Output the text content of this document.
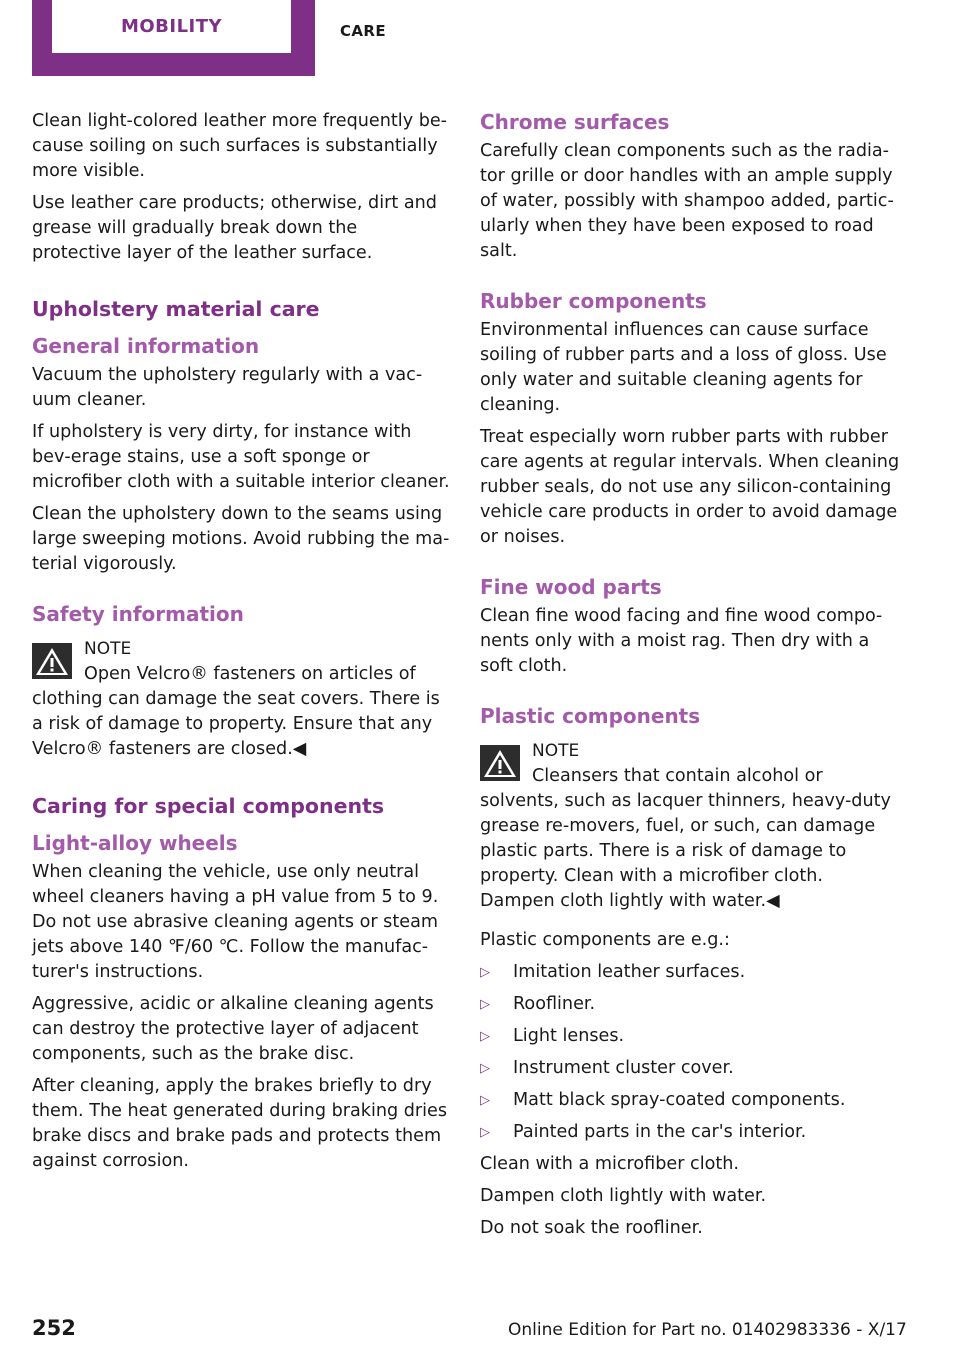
MOBILITY	CARE

Clean light-colored leather more frequently be‐cause soiling on such surfaces is substantially more visible.

Use leather care products; otherwise, dirt and grease will gradually break down the protective layer of the leather surface.

Upholstery material care
General information

Vacuum the upholstery regularly with a vac‐uum cleaner.

If upholstery is very dirty, for instance with bev‐erage stains, use a soft sponge or microfiber cloth with a suitable interior cleaner.

Clean the upholstery down to the seams using large sweeping motions. Avoid rubbing the ma‐terial vigorously.

Safety information

NOTE

Open Velcro® fasteners on articles of clothing can damage the seat covers. There is a risk of damage to property. Ensure that any Velcro® fasteners are closed.◀

Caring for special components
Light-alloy wheels

When cleaning the vehicle, use only neutral wheel cleaners having a pH value from 5 to 9. Do not use abrasive cleaning agents or steam jets above 140 ℉/60 ℃. Follow the manufac‐turer's instructions.

Aggressive, acidic or alkaline cleaning agents can destroy the protective layer of adjacent components, such as the brake disc.

After cleaning, apply the brakes briefly to dry them. The heat generated during braking dries brake discs and brake pads and protects them against corrosion.

Chrome surfaces

Carefully clean components such as the radia‐tor grille or door handles with an ample supply of water, possibly with shampoo added, partic‐ularly when they have been exposed to road salt.

Rubber components

Environmental influences can cause surface soiling of rubber parts and a loss of gloss. Use only water and suitable cleaning agents for cleaning.

Treat especially worn rubber parts with rubber care agents at regular intervals. When cleaning rubber seals, do not use any silicon-containing vehicle care products in order to avoid damage or noises.

Fine wood parts

Clean fine wood facing and fine wood compo‐nents only with a moist rag. Then dry with a soft cloth.

Plastic components

NOTE

Cleansers that contain alcohol or solvents, such as lacquer thinners, heavy-duty grease re‐movers, fuel, or such, can damage plastic parts. There is a risk of damage to property. Clean with a microfiber cloth. Dampen cloth lightly with water.◀

Plastic components are e.g.:

▷ Imitation leather surfaces.
▷ Roofliner.
▷ Light lenses.
▷ Instrument cluster cover.
▷ Matt black spray-coated components.
▷ Painted parts in the car's interior.

Clean with a microfiber cloth.

Dampen cloth lightly with water.

Do not soak the roofliner.

252	Online Edition for Part no. 01402983336 - X/17
